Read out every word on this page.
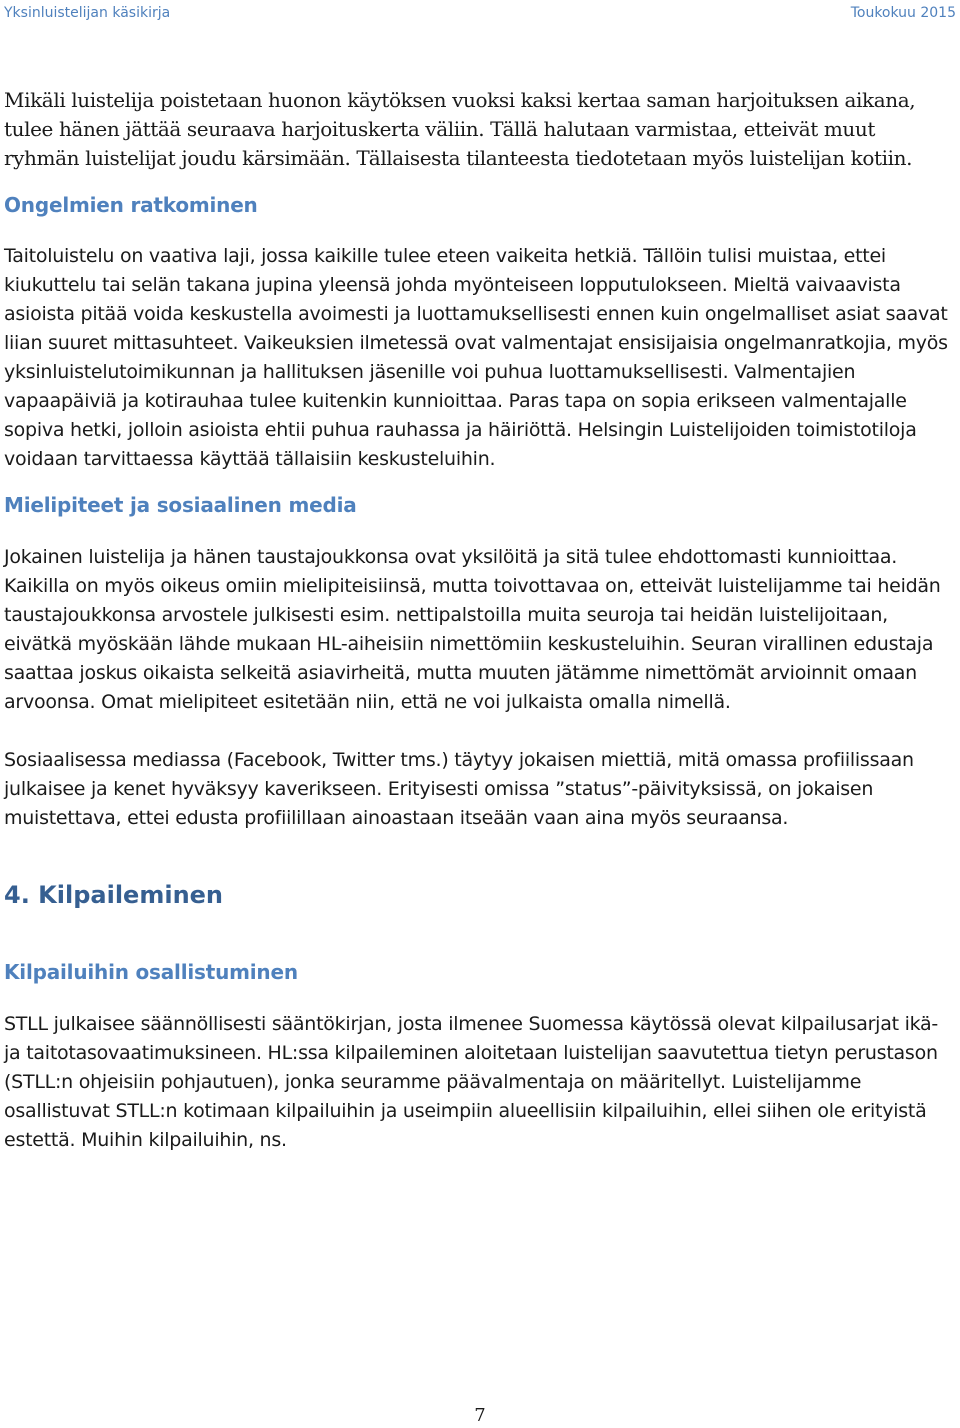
Yksinluistelijan käsikirja	Toukokuu 2015

Mikäli luistelija poistetaan huonon käytöksen vuoksi kaksi kertaa saman harjoituksen aikana, tulee hänen jättää seuraava harjoituskerta väliin. Tällä halutaan varmistaa, etteivät muut ryhmän luistelijat joudu kärsimään. Tällaisesta tilanteesta tiedotetaan myös luistelijan kotiin.

Ongelmien ratkominen

Taitoluistelu on vaativa laji, jossa kaikille tulee eteen vaikeita hetkiä. Tällöin tulisi muistaa, ettei kiukuttelu tai selän takana jupina yleensä johda myönteiseen lopputulokseen. Mieltä vaivaavista asioista pitää voida keskustella avoimesti ja luottamuksellisesti ennen kuin ongelmalliset asiat saavat liian suuret mittasuhteet. Vaikeuksien ilmetessä ovat valmentajat ensisijaisia ongelmanratkojia, myös yksinluistelutoimikunnan ja hallituksen jäsenille voi puhua luottamuksellisesti. Valmentajien vapaapäiviä ja kotirauhaa tulee kuitenkin kunnioittaa. Paras tapa on sopia erikseen valmentajalle sopiva hetki, jolloin asioista ehtii puhua rauhassa ja häiriöttä. Helsingin Luistelijoiden toimistotiloja voidaan tarvittaessa käyttää tällaisiin keskusteluihin.

Mielipiteet ja sosiaalinen media

Jokainen luistelija ja hänen taustajoukkonsa ovat yksilöitä ja sitä tulee ehdottomasti kunnioittaa. Kaikilla on myös oikeus omiin mielipiteisiinsä, mutta toivottavaa on, etteivät luistelijamme tai heidän taustajoukkonsa arvostele julkisesti esim. nettipalstoilla muita seuroja tai heidän luistelijoitaan, eivätkä myöskään lähde mukaan HL-aiheisiin nimettömiin keskusteluihin. Seuran virallinen edustaja saattaa joskus oikaista selkeitä asiavirheitä, mutta muuten jätämme nimettömät arvioinnit omaan arvoonsa. Omat mielipiteet esitetään niin, että ne voi julkaista omalla nimellä.

Sosiaalisessa mediassa (Facebook, Twitter tms.) täytyy jokaisen miettiä, mitä omassa profiilissaan julkaisee ja kenet hyväksyy kaverikseen. Erityisesti omissa ”status”-päivityksissä, on jokaisen muistettava, ettei edusta profiilillaan ainoastaan itseään vaan aina myös seuraansa.

4. Kilpaileminen
Kilpailuihin osallistuminen

STLL julkaisee säännöllisesti sääntökirjan, josta ilmenee Suomessa käytössä olevat kilpailusarjat ikä- ja taitotasovaatimuksineen. HL:ssa kilpaileminen aloitetaan luistelijan saavutettua tietyn perustason (STLL:n ohjeisiin pohjautuen), jonka seuramme päävalmentaja on määritellyt. Luistelijamme osallistuvat STLL:n kotimaan kilpailuihin ja useimpiin alueellisiin kilpailuihin, ellei siihen ole erityistä estettä. Muihin kilpailuihin, ns.

7
